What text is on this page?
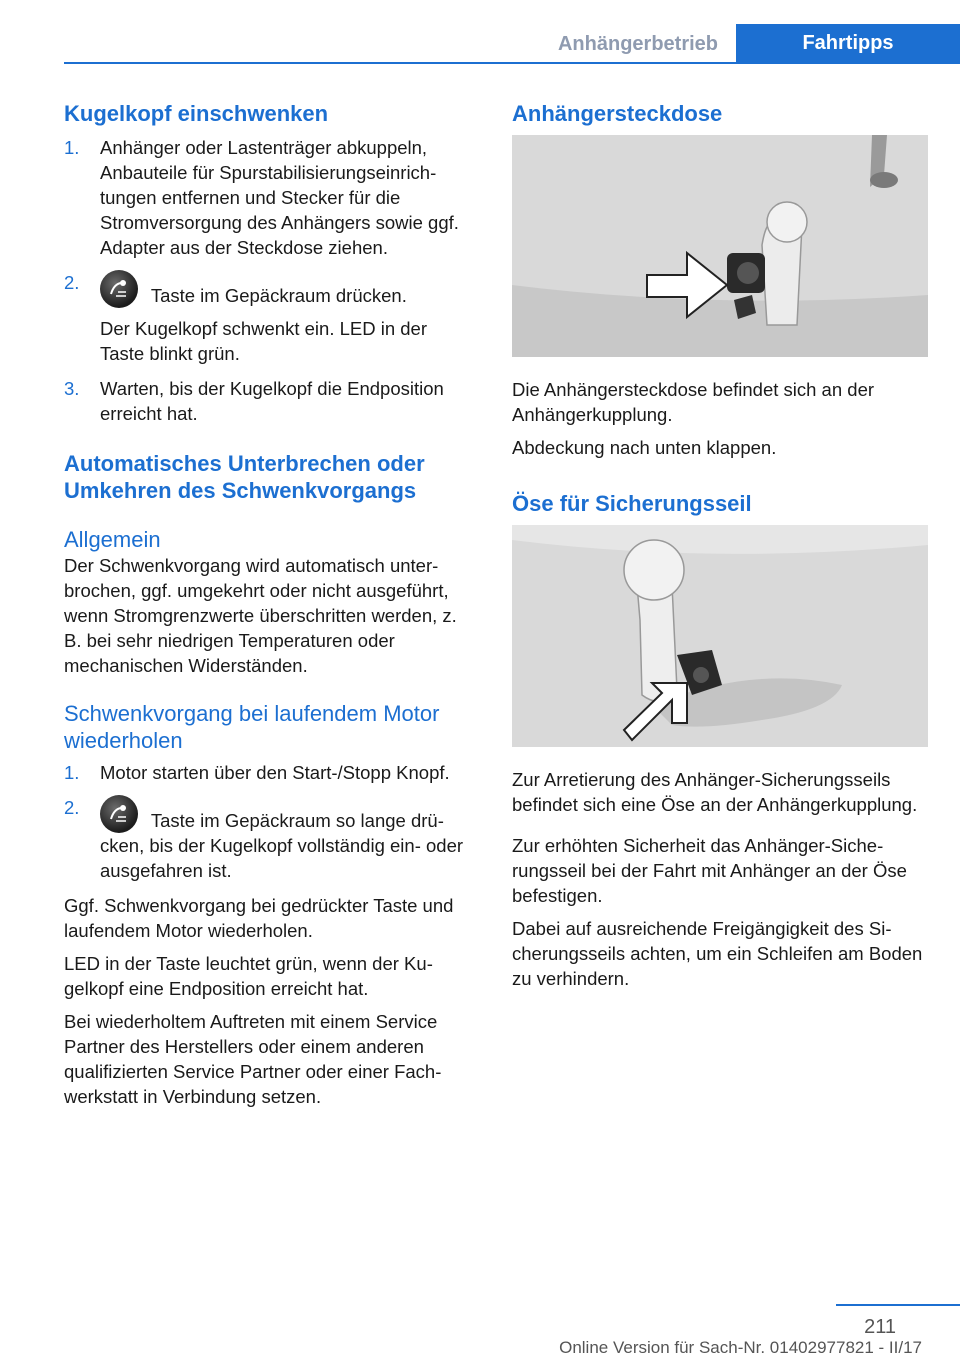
Anhängerbetrieb	Fahrtipps
Kugelkopf einschwenken
1. Anhänger oder Lastenträger abkuppeln, Anbauteile für Spurstabilisierungseinrichtungen entfernen und Stecker für die Stromversorgung des Anhängers sowie ggf. Adapter aus der Steckdose ziehen.
2.
Taste im Gepäckraum drücken.
Der Kugelkopf schwenkt ein. LED in der Taste blinkt grün.
3. Warten, bis der Kugelkopf die Endposition erreicht hat.
Automatisches Unterbrechen oder Umkehren des Schwenkvorgangs
Allgemein

Der Schwenkvorgang wird automatisch unterbrochen, ggf. umgekehrt oder nicht ausgeführt, wenn Stromgrenzwerte überschritten werden, z. B. bei sehr niedrigen Temperaturen oder mechanischen Widerständen.

Schwenkvorgang bei laufendem Motor wiederholen
1. Motor starten über den Start-/Stopp Knopf.
2.
Taste im Gepäckraum so lange drücken, bis der Kugelkopf vollständig ein- oder ausgefahren ist.

Ggf. Schwenkvorgang bei gedrückter Taste und laufendem Motor wiederholen.

LED in der Taste leuchtet grün, wenn der Kugelkopf eine Endposition erreicht hat.

Bei wiederholtem Auftreten mit einem Service Partner des Herstellers oder einem anderen qualifizierten Service Partner oder einer Fachwerkstatt in Verbindung setzen.

Anhängersteckdose

Die Anhängersteckdose befindet sich an der Anhängerkupplung.

Abdeckung nach unten klappen.

Öse für Sicherungsseil

Zur Arretierung des Anhänger-Sicherungsseils befindet sich eine Öse an der Anhängerkupplung.

Zur erhöhten Sicherheit das Anhänger-Sicherungsseil bei der Fahrt mit Anhänger an der Öse befestigen.

Dabei auf ausreichende Freigängigkeit des Sicherungsseils achten, um ein Schleifen am Boden zu verhindern.

211
Online Version für Sach-Nr. 01402977821 - II/17
